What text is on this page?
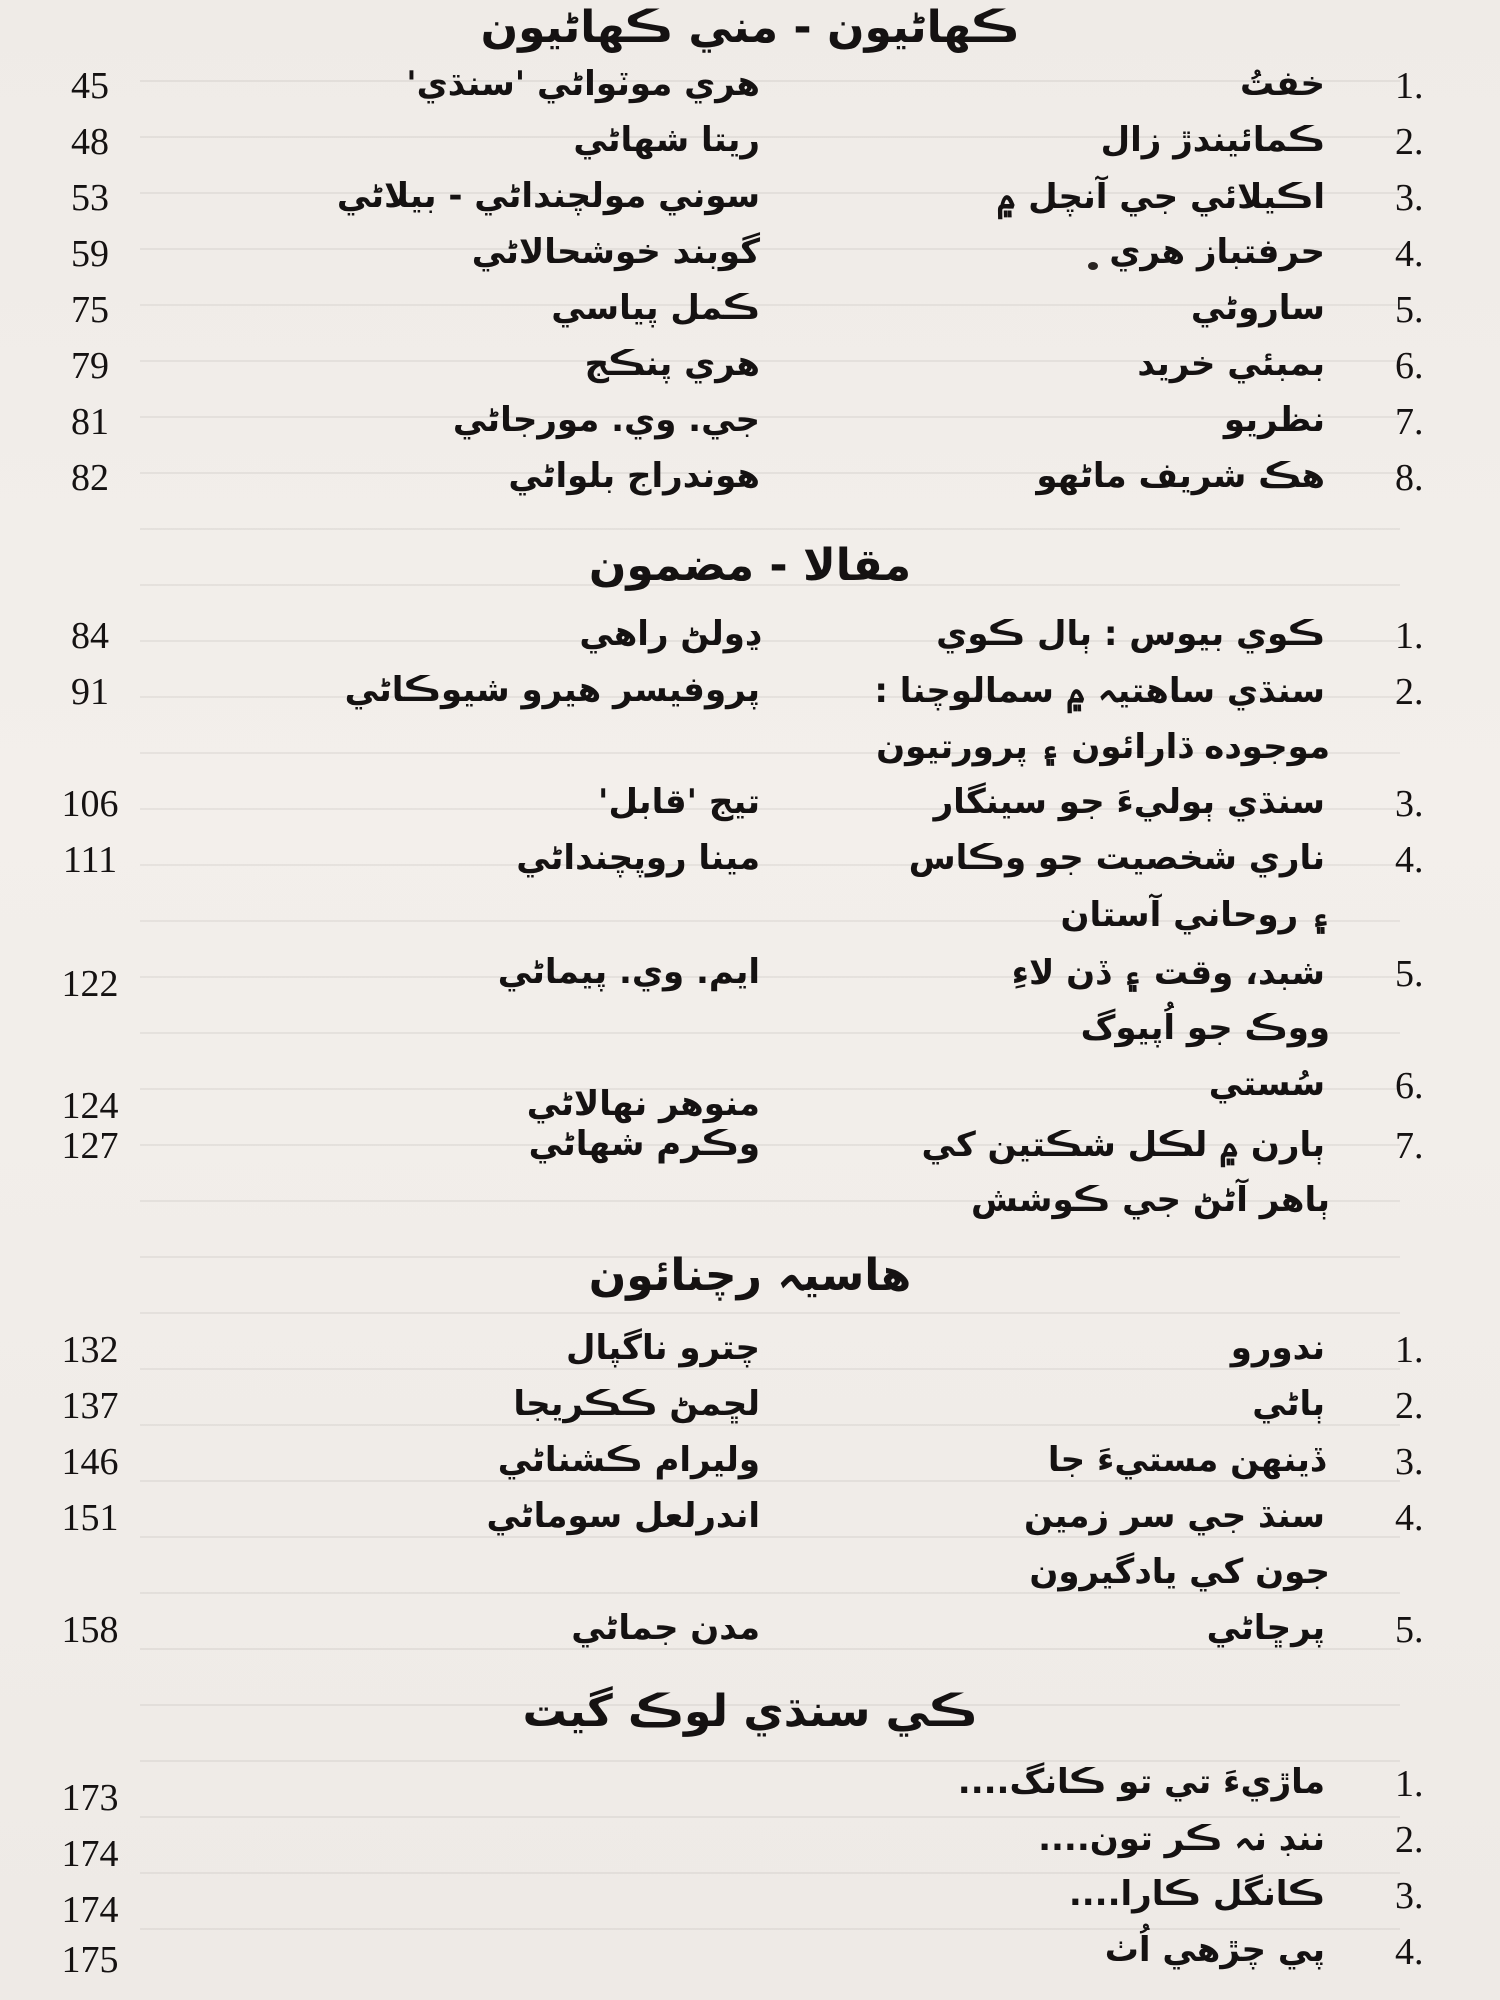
ڪهاڻيون - مني ڪهاڻيون
1.
خفتُ
هري موٽواڻي 'سنڌي'
45
2.
ڪمائيندڙ زال
ريتا شهاڻي
48
3.
اڪيلائي جي آنچل ۾
سوني مولچنداڻي - بيلاڻي
53
4.
حرفتباز هري
گوبند خوشحالاڻي
59
5.
ساروڻي
ڪمل پياسي
75
6.
بمبئي خريد
هري پنڪج
79
7.
نظريو
جي. وي. مورجاڻي
81
8.
هڪ شريف ماڻهو
هوندراج بلواڻي
82
مقالا - مضمون
1.
ڪوي بيوس : ٻال ڪوي
ڍولڻ راهي
84
2.
سنڌي ساهتيہ ۾ سمالوچنا :
پروفيسر هيرو شيوڪاڻي
91
موجوده ڌارائون ۽ پرورتيون
3.
سنڌي ٻوليءَ جو سينگار
تيج 'قابل'
106
4.
ناري شخصيت جو وڪاس
مينا روپچنداڻي
111
۽ روحاني آستان
5.
شبد، وقت ۽ ڏن لاءِ
ايم. وي. پيماڻي
122
ووڪ جو اُپيوگ
6.
سُستي
منوهر نهالاڻي
124
7.
ٻارن ۾ لڪل شڪتين کي
وڪرم شهاڻي
127
ٻاهر آڻڻ جي ڪوشش
هاسيہ رچنائون
1.
ندورو
چترو ناگپال
132
2.
ٻاڻي
لڇمڻ ڪڪريجا
137
3.
ڏينهن مستيءَ جا
وليرام ڪشناڻي
146
4.
سنڌ جي سر زمين
اندرلعل سوماڻي
151
جون کي يادگيرون
5.
پرڇاڻي
مدن جماڻي
158
ڪي سنڌي لوڪ گيت
1.
ماڙيءَ تي تو ڪانگ....
173
2.
ننڊ نہ ڪر تون....
174
3.
ڪانگل ڪارا....
174
4.
پي چڙهي اُٺ
175
